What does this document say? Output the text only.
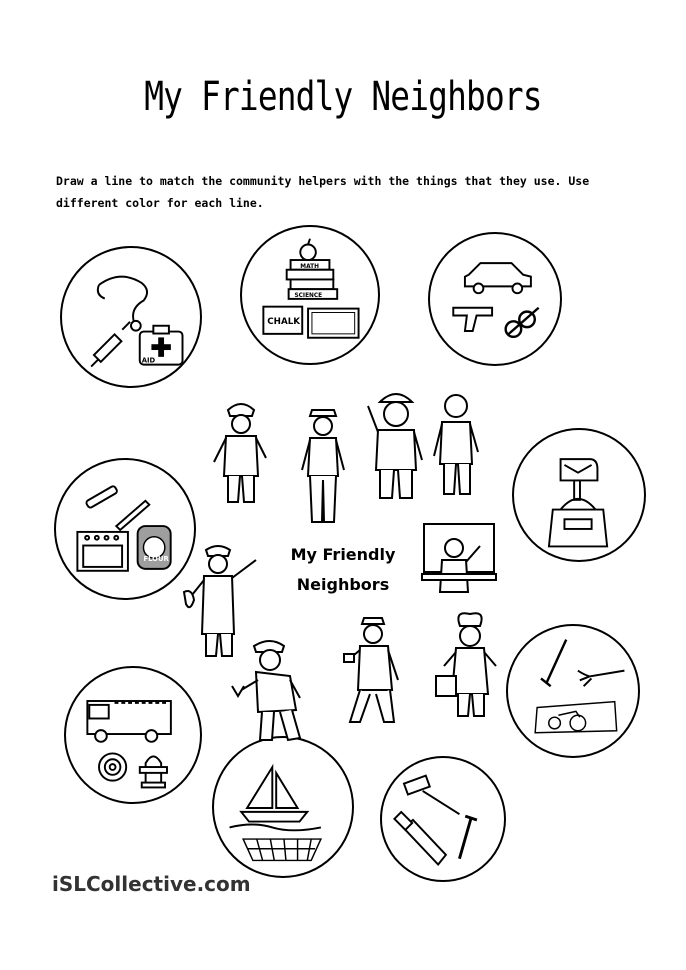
My Friendly Neighbors
Draw a line to match the community helpers with the things that they use. Use
different color for each line.
AID
MATH
SCIENCE
CHALK
FLOUR	My Friendly
Neighbors
iSLCollective.com
